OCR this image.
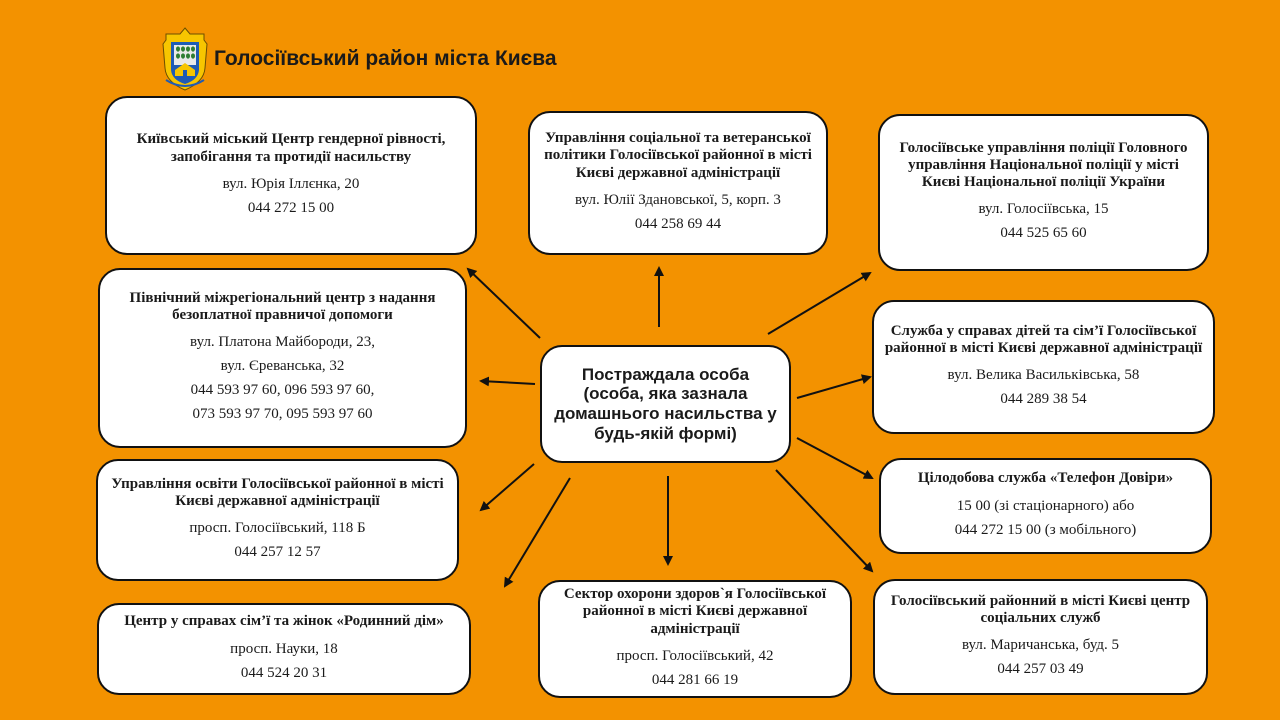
Голосіївський район міста Києва
Постраждала особа (особа, яка зазнала домашнього насильства у будь-якій формі)
Київський міський Центр гендерної рівності, запобігання та протидії насильству
вул. Юрія Іллєнка, 20
044 272 15 00
Північний міжрегіональний центр з надання безоплатної правничої допомоги
вул. Платона Майбороди, 23,
вул. Єреванська, 32
044 593 97 60, 096 593 97 60,
073 593 97 70, 095 593 97 60
Управління освіти Голосіївської районної в місті Києві державної адміністрації
просп. Голосіївський, 118 Б
044 257 12 57
Центр у справах сім’ї та жінок «Родинний дім»
просп. Науки, 18
044 524 20 31
Управління соціальної та ветеранської політики Голосіївської районної в місті Києві державної адміністрації
вул. Юлії Здановської, 5, корп. 3
044 258 69 44
Сектор охорони здоров`я Голосіївської районної в місті Києві державної адміністрації
просп. Голосіївський, 42
044 281 66 19
Голосіївське управління поліції Головного управління Національної поліції у місті Києві Національної поліції України
вул. Голосіївська, 15
044 525 65 60
Служба у справах дітей та сім’ї Голосіївської районної в місті Києві державної адміністрації
вул. Велика Васильківська, 58
044 289 38 54
Цілодобова служба «Телефон Довіри»
15 00 (зі стаціонарного) або
044 272 15 00 (з мобільного)
Голосіївський районний в місті Києві центр соціальних служб
вул. Маричанська, буд. 5
044 257 03 49
